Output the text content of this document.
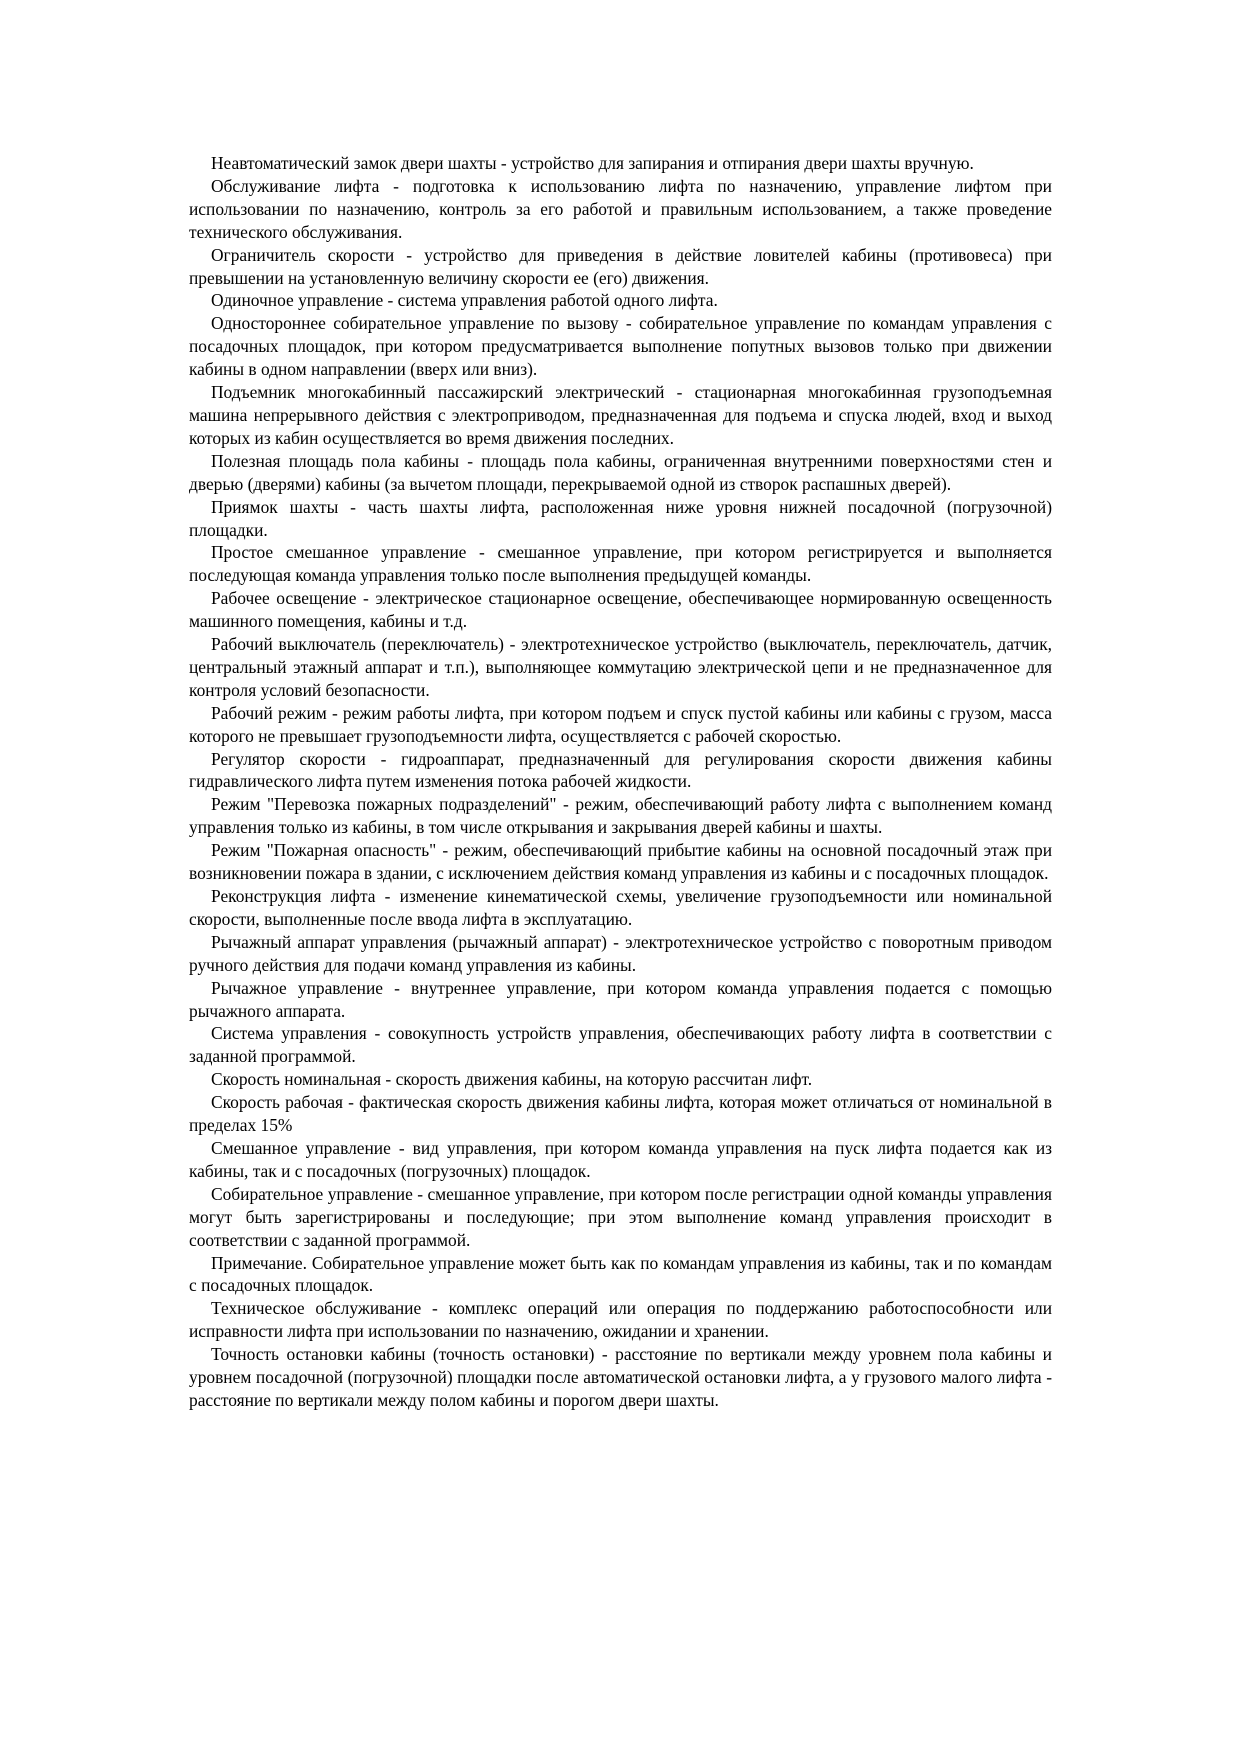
Неавтоматический замок двери шахты - устройство для запирания и отпирания двери шахты вручную.

Обслуживание лифта - подготовка к использованию лифта по назначению, управление лифтом при использовании по назначению, контроль за его работой и правильным использованием, а также проведение технического обслуживания.

Ограничитель скорости - устройство для приведения в действие ловителей кабины (противовеса) при превышении на установленную величину скорости ее (его) движения.

Одиночное управление - система управления работой одного лифта.

Одностороннее собирательное управление по вызову - собирательное управление по командам управления с посадочных площадок, при котором предусматривается выполнение попутных вызовов только при движении кабины в одном направлении (вверх или вниз).

Подъемник многокабинный пассажирский электрический - стационарная многокабинная грузоподъемная машина непрерывного действия с электроприводом, предназначенная для подъема и спуска людей, вход и выход которых из кабин осуществляется во время движения последних.

Полезная площадь пола кабины - площадь пола кабины, ограниченная внутренними поверхностями стен и дверью (дверями) кабины (за вычетом площади, перекрываемой одной из створок распашных дверей).

Приямок шахты - часть шахты лифта, расположенная ниже уровня нижней посадочной (погрузочной) площадки.

Простое смешанное управление - смешанное управление, при котором регистрируется и выполняется последующая команда управления только после выполнения предыдущей команды.

Рабочее освещение - электрическое стационарное освещение, обеспечивающее нормированную освещенность машинного помещения, кабины и т.д.

Рабочий выключатель (переключатель) - электротехническое устройство (выключатель, переключатель, датчик, центральный этажный аппарат и т.п.), выполняющее коммутацию электрической цепи и не предназначенное для контроля условий безопасности.

Рабочий режим - режим работы лифта, при котором подъем и спуск пустой кабины или кабины с грузом, масса которого не превышает грузоподъемности лифта, осуществляется с рабочей скоростью.

Регулятор скорости - гидроаппарат, предназначенный для регулирования скорости движения кабины гидравлического лифта путем изменения потока рабочей жидкости.

Режим "Перевозка пожарных подразделений" - режим, обеспечивающий работу лифта с выполнением команд управления только из кабины, в том числе открывания и закрывания дверей кабины и шахты.

Режим "Пожарная опасность" - режим, обеспечивающий прибытие кабины на основной посадочный этаж при возникновении пожара в здании, с исключением действия команд управления из кабины и с посадочных площадок.

Реконструкция лифта - изменение кинематической схемы, увеличение грузоподъемности или номинальной скорости, выполненные после ввода лифта в эксплуатацию.

Рычажный аппарат управления (рычажный аппарат) - электротехническое устройство с поворотным приводом ручного действия для подачи команд управления из кабины.

Рычажное управление - внутреннее управление, при котором команда управления подается с помощью рычажного аппарата.

Система управления - совокупность устройств управления, обеспечивающих работу лифта в соответствии с заданной программой.

Скорость номинальная - скорость движения кабины, на которую рассчитан лифт.

Скорость рабочая - фактическая скорость движения кабины лифта, которая может отличаться от номинальной в пределах 15%

Смешанное управление - вид управления, при котором команда управления на пуск лифта подается как из кабины, так и с посадочных (погрузочных) площадок.

Собирательное управление - смешанное управление, при котором после регистрации одной команды управления могут быть зарегистрированы и последующие; при этом выполнение команд управления происходит в соответствии с заданной программой.

Примечание. Собирательное управление может быть как по командам управления из кабины, так и по командам с посадочных площадок.

Техническое обслуживание - комплекс операций или операция по поддержанию работоспособности или исправности лифта при использовании по назначению, ожидании и хранении.

Точность остановки кабины (точность остановки) - расстояние по вертикали между уровнем пола кабины и уровнем посадочной (погрузочной) площадки после автоматической остановки лифта, а у грузового малого лифта - расстояние по вертикали между полом кабины и порогом двери шахты.
